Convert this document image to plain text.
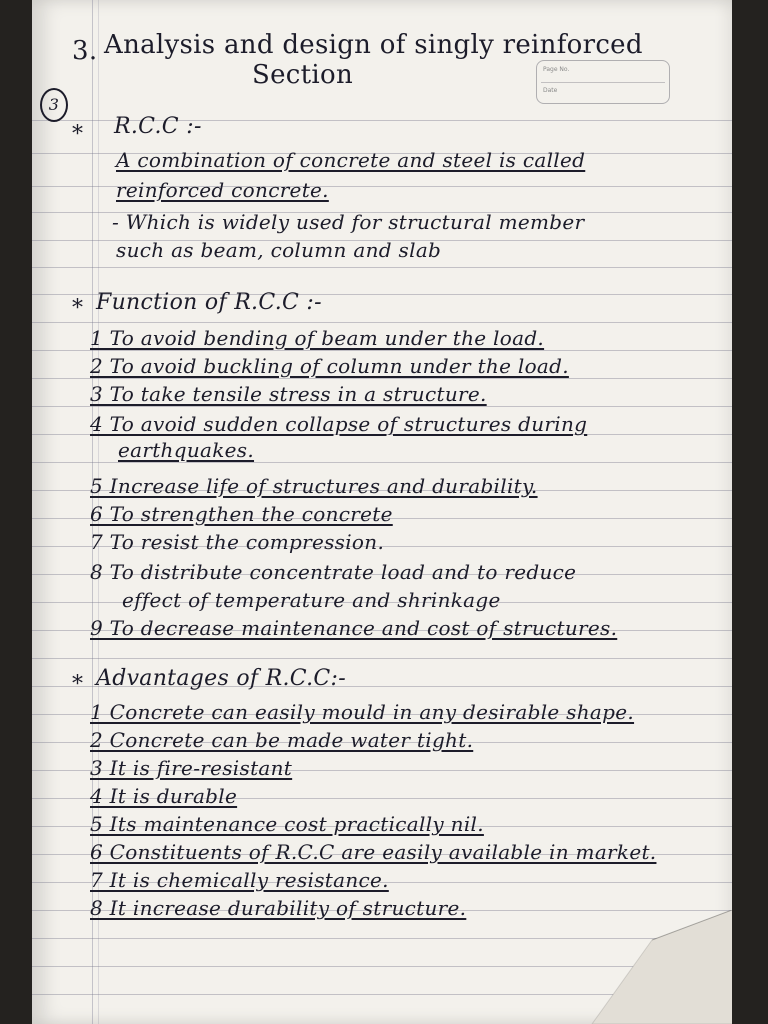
Page No.
Date
3. Analysis and design of singly reinforced
Section
3
* R.C.C :-
A combination of concrete and steel is called
reinforced concrete.
- Which is widely used for structural member
such as beam, column and slab
* Function of R.C.C :-
1 To avoid bending of beam under the load.
2 To avoid buckling of column under the load.
3 To take tensile stress in a structure.
4 To avoid sudden collapse of structures during
earthquakes.
5 Increase life of structures and durability.
6 To strengthen the concrete
7 To resist the compression.
8 To distribute concentrate load and to reduce
effect of temperature and shrinkage
9 To decrease maintenance and cost of structures.
* Advantages of R.C.C:-
1 Concrete can easily mould in any desirable shape.
2 Concrete can be made water tight.
3 It is fire-resistant
4 It is durable
5 Its maintenance cost practically nil.
6 Constituents of R.C.C are easily available in market.
7 It is chemically resistance.
8 It increase durability of structure.
